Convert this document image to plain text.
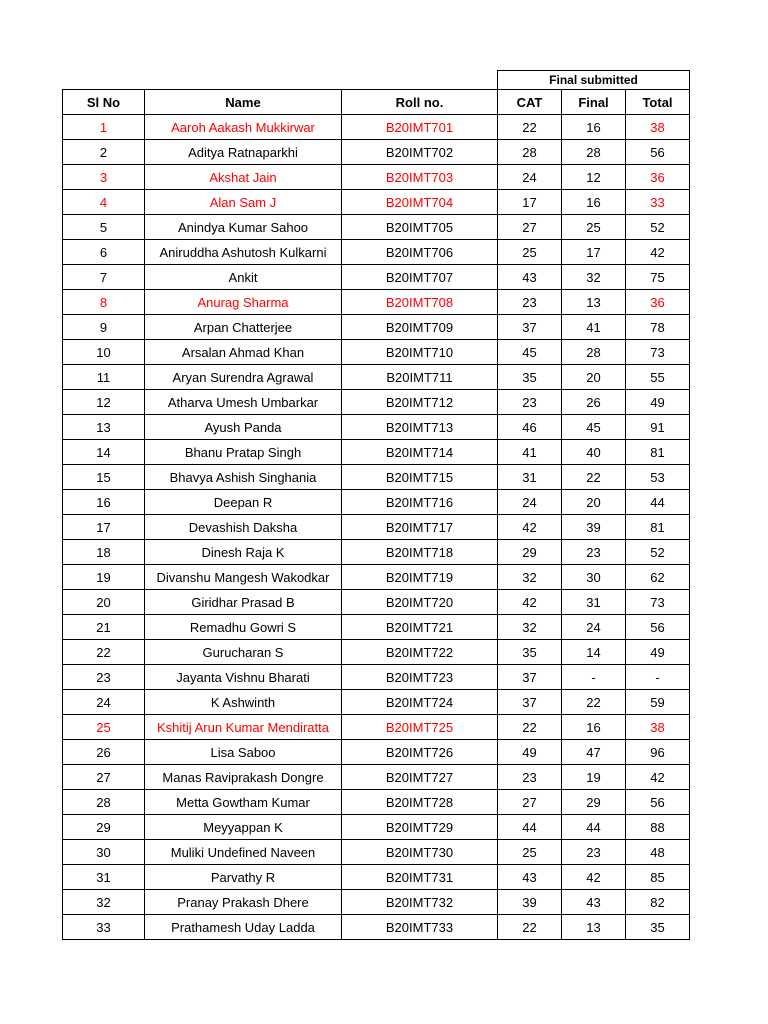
			Final submitted		
Sl No	Name	Roll no.	CAT	Final	Total
1	Aaroh Aakash Mukkirwar	B20IMT701	22	16	38
2	Aditya Ratnaparkhi	B20IMT702	28	28	56
3	Akshat Jain	B20IMT703	24	12	36
4	Alan Sam J	B20IMT704	17	16	33
5	Anindya Kumar Sahoo	B20IMT705	27	25	52
6	Aniruddha Ashutosh Kulkarni	B20IMT706	25	17	42
7	Ankit	B20IMT707	43	32	75
8	Anurag Sharma	B20IMT708	23	13	36
9	Arpan Chatterjee	B20IMT709	37	41	78
10	Arsalan Ahmad Khan	B20IMT710	45	28	73
11	Aryan Surendra Agrawal	B20IMT711	35	20	55
12	Atharva Umesh Umbarkar	B20IMT712	23	26	49
13	Ayush Panda	B20IMT713	46	45	91
14	Bhanu Pratap Singh	B20IMT714	41	40	81
15	Bhavya Ashish Singhania	B20IMT715	31	22	53
16	Deepan R	B20IMT716	24	20	44
17	Devashish Daksha	B20IMT717	42	39	81
18	Dinesh Raja K	B20IMT718	29	23	52
19	Divanshu Mangesh Wakodkar	B20IMT719	32	30	62
20	Giridhar Prasad B	B20IMT720	42	31	73
21	Remadhu Gowri S	B20IMT721	32	24	56
22	Gurucharan S	B20IMT722	35	14	49
23	Jayanta Vishnu Bharati	B20IMT723	37	-	-
24	K Ashwinth	B20IMT724	37	22	59
25	Kshitij Arun Kumar Mendiratta	B20IMT725	22	16	38
26	Lisa Saboo	B20IMT726	49	47	96
27	Manas Raviprakash Dongre	B20IMT727	23	19	42
28	Metta Gowtham Kumar	B20IMT728	27	29	56
29	Meyyappan K	B20IMT729	44	44	88
30	Muliki Undefined Naveen	B20IMT730	25	23	48
31	Parvathy R	B20IMT731	43	42	85
32	Pranay Prakash Dhere	B20IMT732	39	43	82
33	Prathamesh Uday Ladda	B20IMT733	22	13	35
